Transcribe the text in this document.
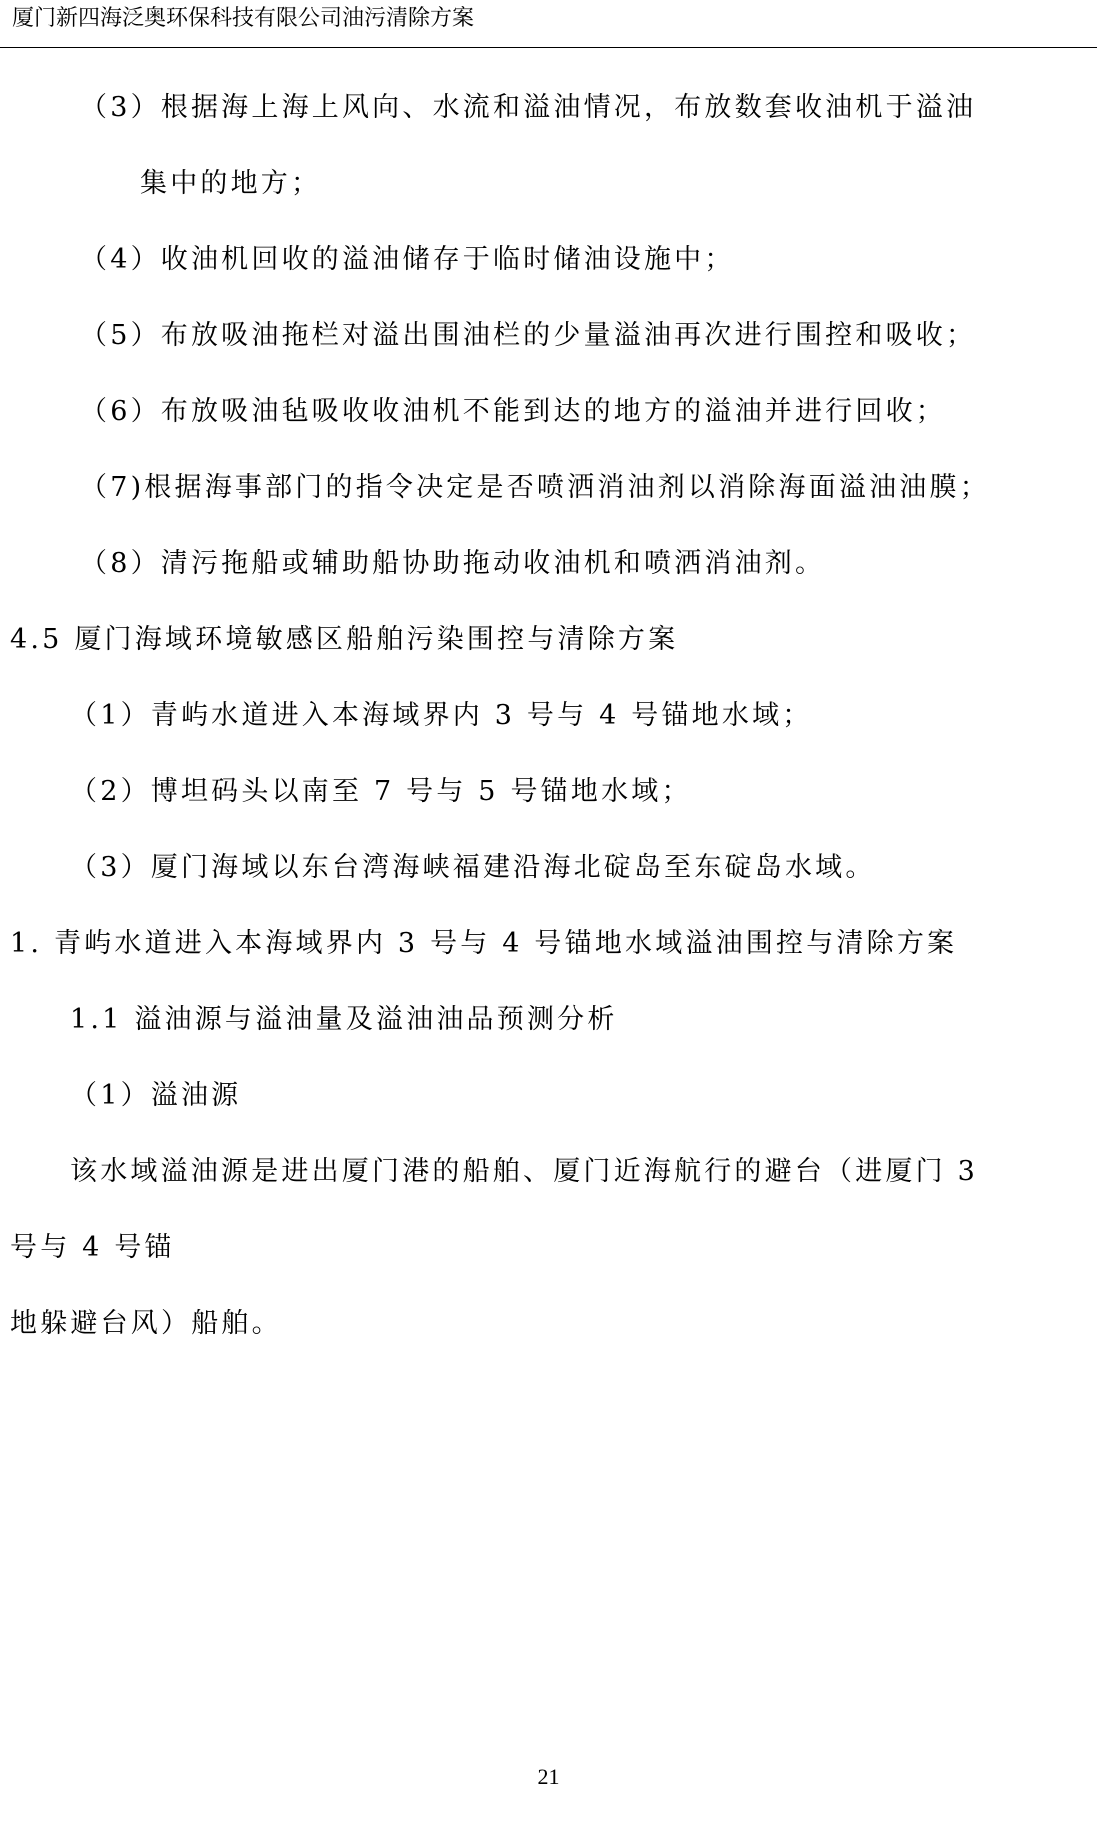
厦门新四海泛奥环保科技有限公司油污清除方案
（3）根据海上海上风向、水流和溢油情况，布放数套收油机于溢油
集中的地方；
（4）收油机回收的溢油储存于临时储油设施中；
（5）布放吸油拖栏对溢出围油栏的少量溢油再次进行围控和吸收；
（6）布放吸油毡吸收收油机不能到达的地方的溢油并进行回收；
（7)根据海事部门的指令决定是否喷洒消油剂以消除海面溢油油膜；
（8）清污拖船或辅助船协助拖动收油机和喷洒消油剂。
4.5 厦门海域环境敏感区船舶污染围控与清除方案
（1）青屿水道进入本海域界内 3 号与 4 号锚地水域；
（2）博坦码头以南至 7 号与 5 号锚地水域；
（3）厦门海域以东台湾海峡福建沿海北碇岛至东碇岛水域。
1. 青屿水道进入本海域界内 3 号与 4 号锚地水域溢油围控与清除方案
1.1 溢油源与溢油量及溢油油品预测分析
（1）溢油源
该水域溢油源是进出厦门港的船舶、厦门近海航行的避台（进厦门 3
号与 4 号锚
地躲避台风）船舶。
21
